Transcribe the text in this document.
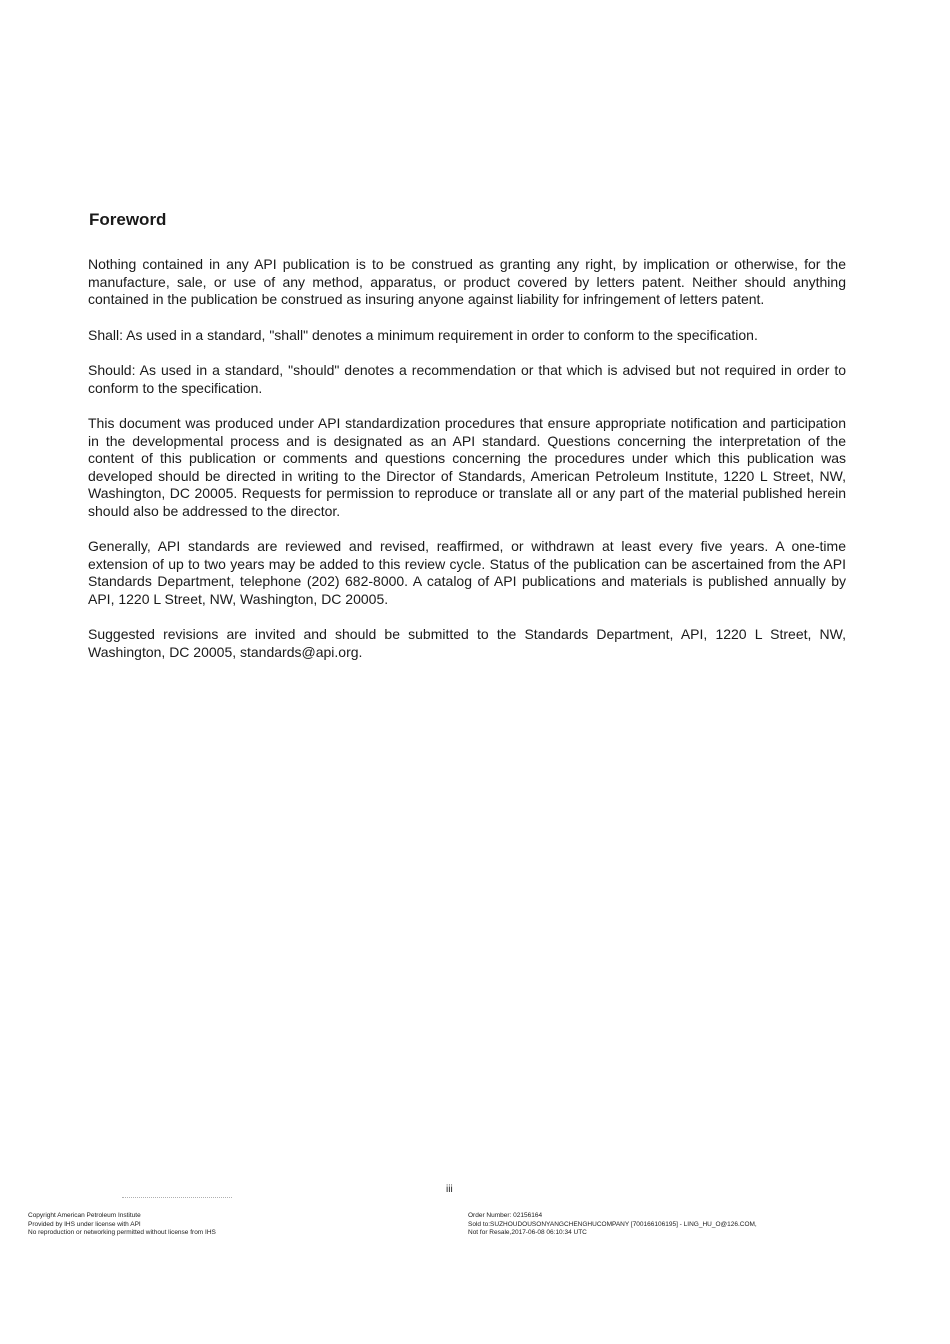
Foreword

Nothing contained in any API publication is to be construed as granting any right, by implication or otherwise, for the manufacture, sale, or use of any method, apparatus, or product covered by letters patent. Neither should anything contained in the publication be construed as insuring anyone against liability for infringement of letters patent.

Shall: As used in a standard, "shall" denotes a minimum requirement in order to conform to the specification.

Should: As used in a standard, "should" denotes a recommendation or that which is advised but not required in order to conform to the specification.

This document was produced under API standardization procedures that ensure appropriate notification and participation in the developmental process and is designated as an API standard. Questions concerning the interpretation of the content of this publication or comments and questions concerning the procedures under which this publication was developed should be directed in writing to the Director of Standards, American Petroleum Institute, 1220 L Street, NW, Washington, DC 20005. Requests for permission to reproduce or translate all or any part of the material published herein should also be addressed to the director.

Generally, API standards are reviewed and revised, reaffirmed, or withdrawn at least every five years. A one-time extension of up to two years may be added to this review cycle. Status of the publication can be ascertained from the API Standards Department, telephone (202) 682-8000. A catalog of API publications and materials is published annually by API, 1220 L Street, NW, Washington, DC 20005.

Suggested revisions are invited and should be submitted to the Standards Department, API, 1220 L Street, NW, Washington, DC 20005, standards@api.org.

iii
Copyright American Petroleum Institute
Provided by IHS under license with API
No reproduction or networking permitted without license from IHS
Order Number: 02156164
Sold to:SUZHOUDOUSONYANGCHENGHUCOMPANY [700166106195] - LING_HU_O@126.COM,
Not for Resale,2017-06-08 06:10:34 UTC
